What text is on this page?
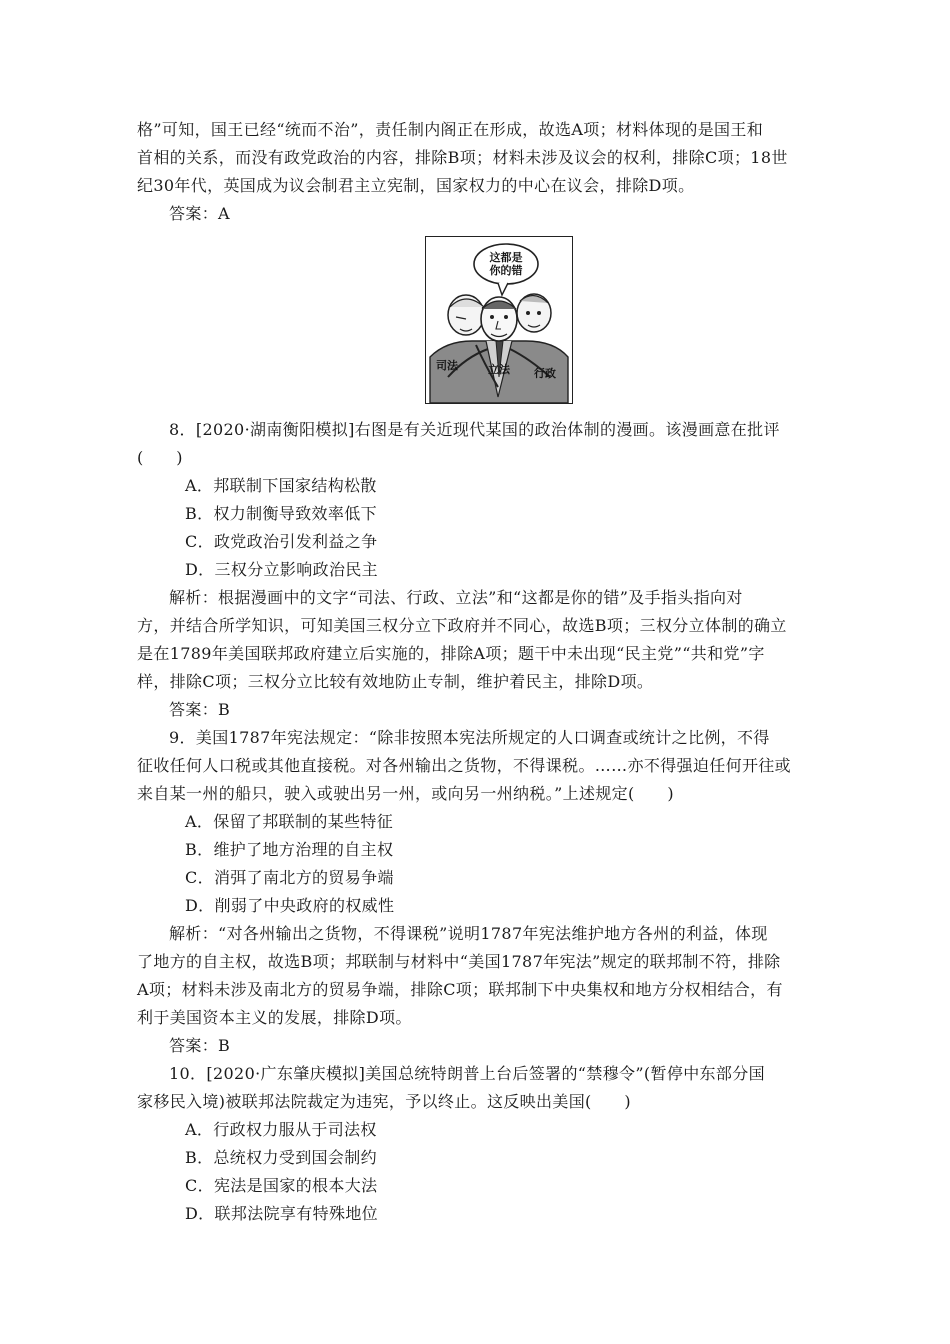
格”可知，国王已经“统而不治”，责任制内阁正在形成，故选A项；材料体现的是国王和
首相的关系，而没有政党政治的内容，排除B项；材料未涉及议会的权利，排除C项；18世
纪30年代，英国成为议会制君主立宪制，国家权力的中心在议会，排除D项。
答案：A
这都是
你的错
司法	立法 行政
8．[2020·湖南衡阳模拟]右图是有关近现代某国的政治体制的漫画。该漫画意在批评
(　　)
A．邦联制下国家结构松散
B．权力制衡导致效率低下
C．政党政治引发利益之争
D．三权分立影响政治民主
解析：根据漫画中的文字“司法、行政、立法”和“这都是你的错”及手指头指向对
方，并结合所学知识，可知美国三权分立下政府并不同心，故选B项；三权分立体制的确立
是在1789年美国联邦政府建立后实施的，排除A项；题干中未出现“民主党”“共和党”字
样，排除C项；三权分立比较有效地防止专制，维护着民主，排除D项。
答案：B
9．美国1787年宪法规定：“除非按照本宪法所规定的人口调查或统计之比例，不得
征收任何人口税或其他直接税。对各州输出之货物，不得课税。……亦不得强迫任何开往或
来自某一州的船只，驶入或驶出另一州，或向另一州纳税。”上述规定(　　)
A．保留了邦联制的某些特征
B．维护了地方治理的自主权
C．消弭了南北方的贸易争端
D．削弱了中央政府的权威性
解析：“对各州输出之货物，不得课税”说明1787年宪法维护地方各州的利益，体现
了地方的自主权，故选B项；邦联制与材料中“美国1787年宪法”规定的联邦制不符，排除
A项；材料未涉及南北方的贸易争端，排除C项；联邦制下中央集权和地方分权相结合，有
利于美国资本主义的发展，排除D项。
答案：B
10．[2020·广东肇庆模拟]美国总统特朗普上台后签署的“禁穆令”(暂停中东部分国
家移民入境)被联邦法院裁定为违宪，予以终止。这反映出美国(　　)
A．行政权力服从于司法权
B．总统权力受到国会制约
C．宪法是国家的根本大法
D．联邦法院享有特殊地位
